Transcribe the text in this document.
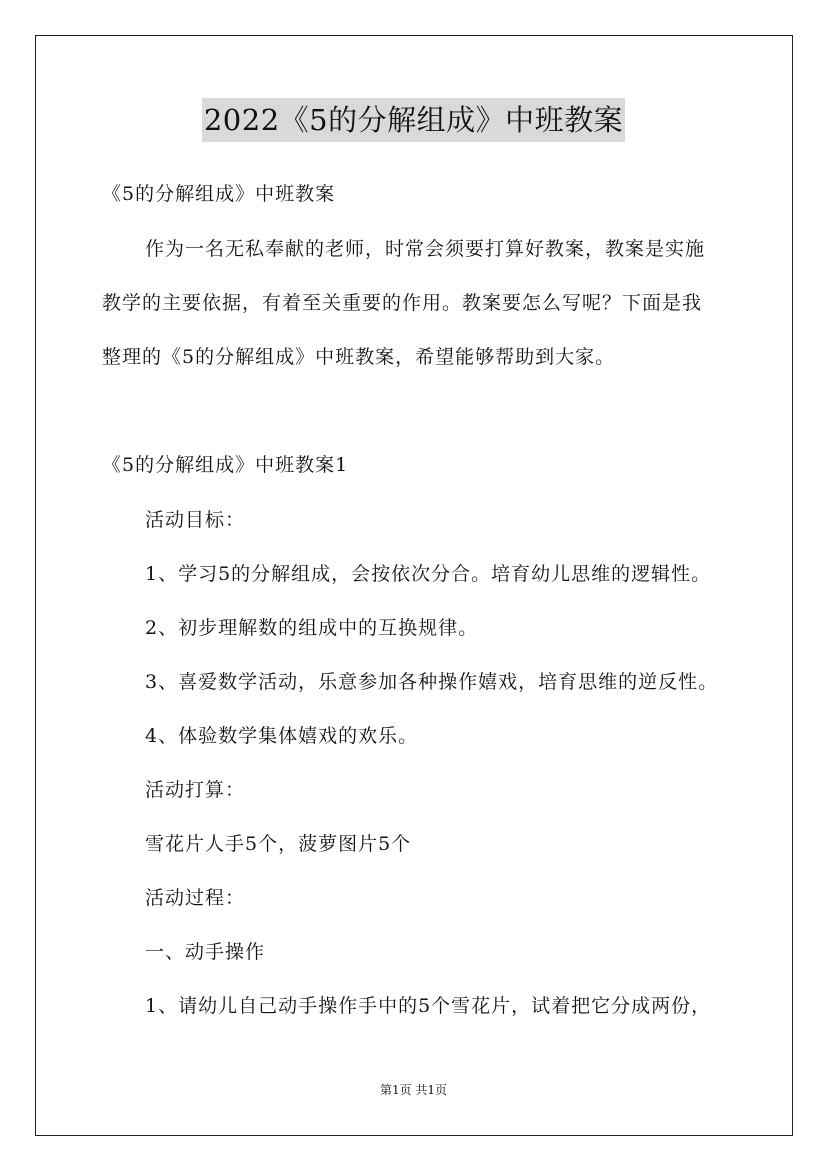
2022《5的分解组成》中班教案
《5的分解组成》中班教案
作为一名无私奉献的老师，时常会须要打算好教案，教案是实施
教学的主要依据，有着至关重要的作用。教案要怎么写呢？下面是我
整理的《5的分解组成》中班教案，希望能够帮助到大家。
《5的分解组成》中班教案1
活动目标：
1、学习5的分解组成，会按依次分合。培育幼儿思维的逻辑性。
2、初步理解数的组成中的互换规律。
3、喜爱数学活动，乐意参加各种操作嬉戏，培育思维的逆反性。
4、体验数学集体嬉戏的欢乐。
活动打算：
雪花片人手5个，菠萝图片5个
活动过程：
一、动手操作
1、请幼儿自己动手操作手中的5个雪花片，试着把它分成两份，
第1页 共1页
